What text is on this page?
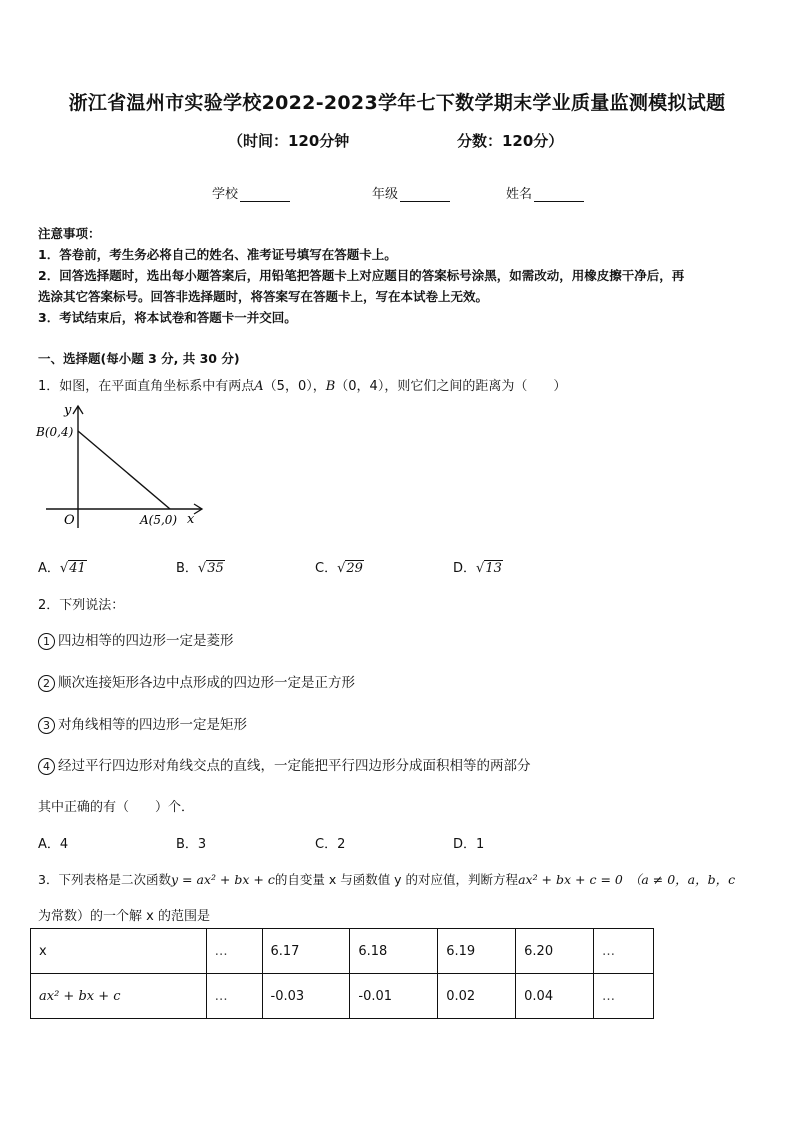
浙江省温州市实验学校2022-2023学年七下数学期末学业质量监测模拟试题
（时间：120分钟	分数：120分）
学校	年级	姓名
注意事项：
1．答卷前，考生务必将自己的姓名、准考证号填写在答题卡上。
2．回答选择题时，选出每小题答案后，用铅笔把答题卡上对应题目的答案标号涂黑，如需改动，用橡皮擦干净后，再
选涂其它答案标号。回答非选择题时，将答案写在答题卡上，写在本试卷上无效。
3．考试结束后，将本试卷和答题卡一并交回。
一、选择题(每小题 3 分, 共 30 分)
1．如图，在平面直角坐标系中有两点A（5，0），B（0，4），则它们之间的距离为（　　）
y
x
O
B(0,4)
A(5,0)
A．√41	B．√35	C．√29	D．√13
2．下列说法：
1 四边相等的四边形一定是菱形
2 顺次连接矩形各边中点形成的四边形一定是正方形
3 对角线相等的四边形一定是矩形
4 经过平行四边形对角线交点的直线，一定能把平行四边形分成面积相等的两部分
其中正确的有（　　）个．
A．4	B．3	C．2	D．1
3．下列表格是二次函数y = ax² + bx + c的自变量 x 与函数值 y 的对应值，判断方程ax² + bx + c = 0 （a ≠ 0，a，b，c
为常数）的一个解 x 的范围是
x	…	6.17	6.18	6.19	6.20	…
ax² + bx + c	…	-0.03	-0.01	0.02	0.04	…
